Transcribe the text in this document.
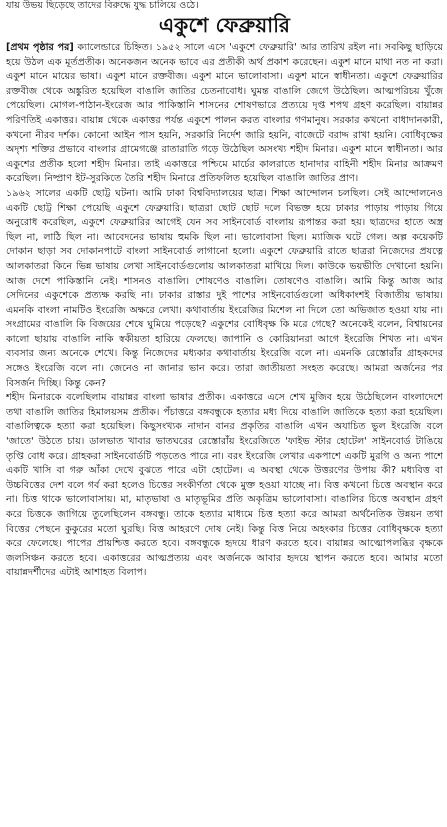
যায় উভয় ছিঁড়েছে তাদের বিরুদ্ধে যুদ্ধ চালিয়ে ওঠে।
একুশে ফেব্রুয়ারি

[প্রথম পৃষ্ঠার পর] ক্যালেন্ডারে চিহ্নিত। ১৯৫২ সালে এসে 'একুশে ফেব্রুয়ারি' আর তারিখ রইল না। সবকিছু ছাড়িয়ে হয়ে উঠল এক মূর্তপ্রতীক। অনেকজন অনেক ভাবে এর প্রতীকী অর্থ প্রকাশ করেছেন। একুশ মানে মাথা নত না করা। একুশ মানে মায়ের ভাষা। একুশ মানে রক্তবীজ। একুশ মানে ভালোবাসা। একুশ মানে স্বাধীনতা। একুশে ফেব্রুয়ারির রক্তবীজ থেকে অঙ্কুরিত হয়েছিল বাঙালি জাতির চেতনাবোধ। ঘুমন্ত বাঙালি জেগে উঠেছিল। আত্মপরিচয় খুঁজে পেয়েছিল। মোগল-পাঠান-ইংরেজ আর পাকিস্তানি শাসনের শোষণভারে প্রত্যয়ে দৃপ্ত শপথ গ্রহণ করেছিল। বায়ান্নর পরিণতিই একাত্তর। বায়ান্ন থেকে একাত্তর পর্যন্ত একুশে পালন করত বাংলার গণমানুষ। সরকার কখনো বাধাদানকারী, কখনো নীরব দর্শক। কোনো আইন পাস হয়নি, সরকারি নির্দেশ জারি হয়নি, বাজেটে বরাদ্দ রাখা হয়নি। বোধিবৃক্ষের অদৃশ্য শক্তির প্রভাবে বাংলার গ্রামেগঞ্জে রাতারাতি গড়ে উঠেছিল অসংখ্য শহীদ মিনার। একুশ মানে স্বাধীনতা। আর একুশের প্রতীক হলো শহীদ মিনার। তাই একাত্তরে পশ্চিমে মার্চের কালরাতে হানাদার বাহিনী শহীদ মিনার আক্রমণ করেছিল। নিষ্প্রাণ ইট-সুরকিতে তৈরি শহীদ মিনারে প্রতিফলিত হয়েছিল বাঙালি জাতির প্রাণ।

১৯৬২ সালের একটি ছোট্ট ঘটনা। আমি ঢাকা বিশ্ববিদ্যালয়ের ছাত্র। শিক্ষা আন্দোলন চলছিল। সেই আন্দোলনেও একটি ছোট্ট শিক্ষা পেয়েছি একুশে ফেব্রুয়ারি। ছাত্ররা ছোট ছোট দলে বিভক্ত হয়ে ঢাকার পাড়ায় পাড়ায় গিয়ে অনুরোধ করেছিল, একুশে ফেব্রুয়ারির আগেই যেন সব সাইনবোর্ড বাংলায় রূপান্তর করা হয়। ছাত্রদের হাতে অস্ত্র ছিল না, লাঠি ছিল না। আবেদনের ভাষায় হুমকি ছিল না। ভালোবাসা ছিল। ম্যাজিক ঘটে গেল। অল্প কয়েকটি দোকান ছাড়া সব দোকানপাটে বাংলা সাইনবোর্ড লাগানো হলো। একুশে ফেব্রুয়ারি রাতে ছাত্ররা নিজেদের প্রযত্নে আলকাতরা কিনে ভিন্ন ভাষায় লেখা সাইনবোর্ডগুলোয় আলকাতরা মাখিয়ে দিল। কাউকে ভয়ভীতি দেখানো হয়নি। আজ দেশে পাকিস্তানি নেই। শাসনও বাঙালি। শোষণেও বাঙালি। তোষণেও বাঙালি। আমি কিন্তু আজ আর সেদিনের একুশেকে প্রত্যক্ষ করছি না। ঢাকার রাস্তার দুই পাশের সাইনবোর্ডগুলো অধিকাংশই বিজাতীয় ভাষায়। এমনকি বাংলা নামটিও ইংরেজি অক্ষরে লেখা। কথাবার্তায় ইংরেজির মিশেল না দিলে তো অভিজাত হওয়া যায় না। সংগ্রামের বাঙালি কি বিজয়ের শেষে ঘুমিয়ে পড়েছে? একুশের বোধিবৃক্ষ কি মরে গেছে? অনেকেই বলেন, বিশ্বায়নের কালো ছায়ায় বাঙালি নাকি স্বকীয়তা হারিয়ে ফেলছে। জাপানি ও কোরিয়ানরা আগে ইংরেজি শিখত না। এখন ব্যবসার জন্য অনেকে শেখে। কিন্তু নিজেদের মধ্যকার কথাবার্তায় ইংরেজি বলে না। এমনকি রেস্তোরাঁর গ্রাহকদের সঙ্গেও ইংরেজি বলে না। জেনেও না জানার ভান করে। তারা জাতীয়তা সংহত করেছে। আমরা অর্জনের পর বিসর্জন দিচ্ছি। কিন্তু কেন?

শহীদ মিনারকে বলেছিলাম বায়ান্নর বাংলা ভাষার প্রতীক। একাত্তরে এসে শেখ মুজিব হয়ে উঠেছিলেন বাংলাদেশে তথা বাঙালি জাতির হিমালয়সম প্রতীক। পঁচাত্তরে বঙ্গবন্ধুকে হত্যার মধ্য দিয়ে বাঙালি জাতিকে হত্যা করা হয়েছিল। বাঙালিত্বকে হত্যা করা হয়েছিল। কিছুসংখ্যক নাদান বানর প্রকৃতির বাঙালি এখন অযাচিত ভুল ইংরেজি বলে 'জাতে' উঠতে চায়। ডালভাত খাবার ভাতঘরের রেস্তোরাঁয় ইংরেজিতে 'ফাইভ স্টার হোটেল' সাইনবোর্ড টাঙিয়ে তৃপ্তি বোধ করে। গ্রাহকরা সাইনবোর্ডটি পড়তেও পারে না। বরং ইংরেজি লেখার একপাশে একটি মুরগি ও অন্য পাশে একটি খাসি বা গরু আঁকা দেখে বুঝতে পারে এটা হোটেল। এ অবস্থা থেকে উত্তরণের উপায় কী? মধ্যবিত্ত বা উচ্চবিত্তের দেশ বলে গর্ব করা হলেও চিত্তের সংকীর্ণতা থেকে মুক্ত হওয়া যাচ্ছে না। বিত্ত কখনো চিত্তে অবস্থান করে না। চিত্ত থাকে ভালোবাসায়। মা, মাতৃভাষা ও মাতৃভূমির প্রতি অকৃত্রিম ভালোবাসা। বাঙালির চিত্তে অবস্থান গ্রহণ করে চিত্তকে জাগিয়ে তুলেছিলেন বঙ্গবন্ধু। তাকে হত্যার মাধ্যমে চিত্ত হত্যা করে আমরা অর্থনৈতিক উন্নয়ন তথা বিত্তের পেছনে কুকুরের মতো ঘুরছি। বিত্ত আহরণে দোষ নেই। কিন্তু বিত্ত নিয়ে অহংকার চিত্তের বোধিবৃক্ষকে হত্যা করে ফেলেছে। পাপের প্রায়শ্চিত্ত করতে হবে। বঙ্গবন্ধুকে হৃদয়ে ধারণ করতে হবে। বায়ান্নর আত্মোপলব্ধির বৃক্ষকে জলসিঞ্চন করতে হবে। একাত্তরের আত্মপ্রত্যয় এবং অর্জনকে আবার হৃদয়ে স্থাপন করতে হবে। আমার মতো বায়ান্নদর্শীদের এটাই আশাহত বিলাপ।
